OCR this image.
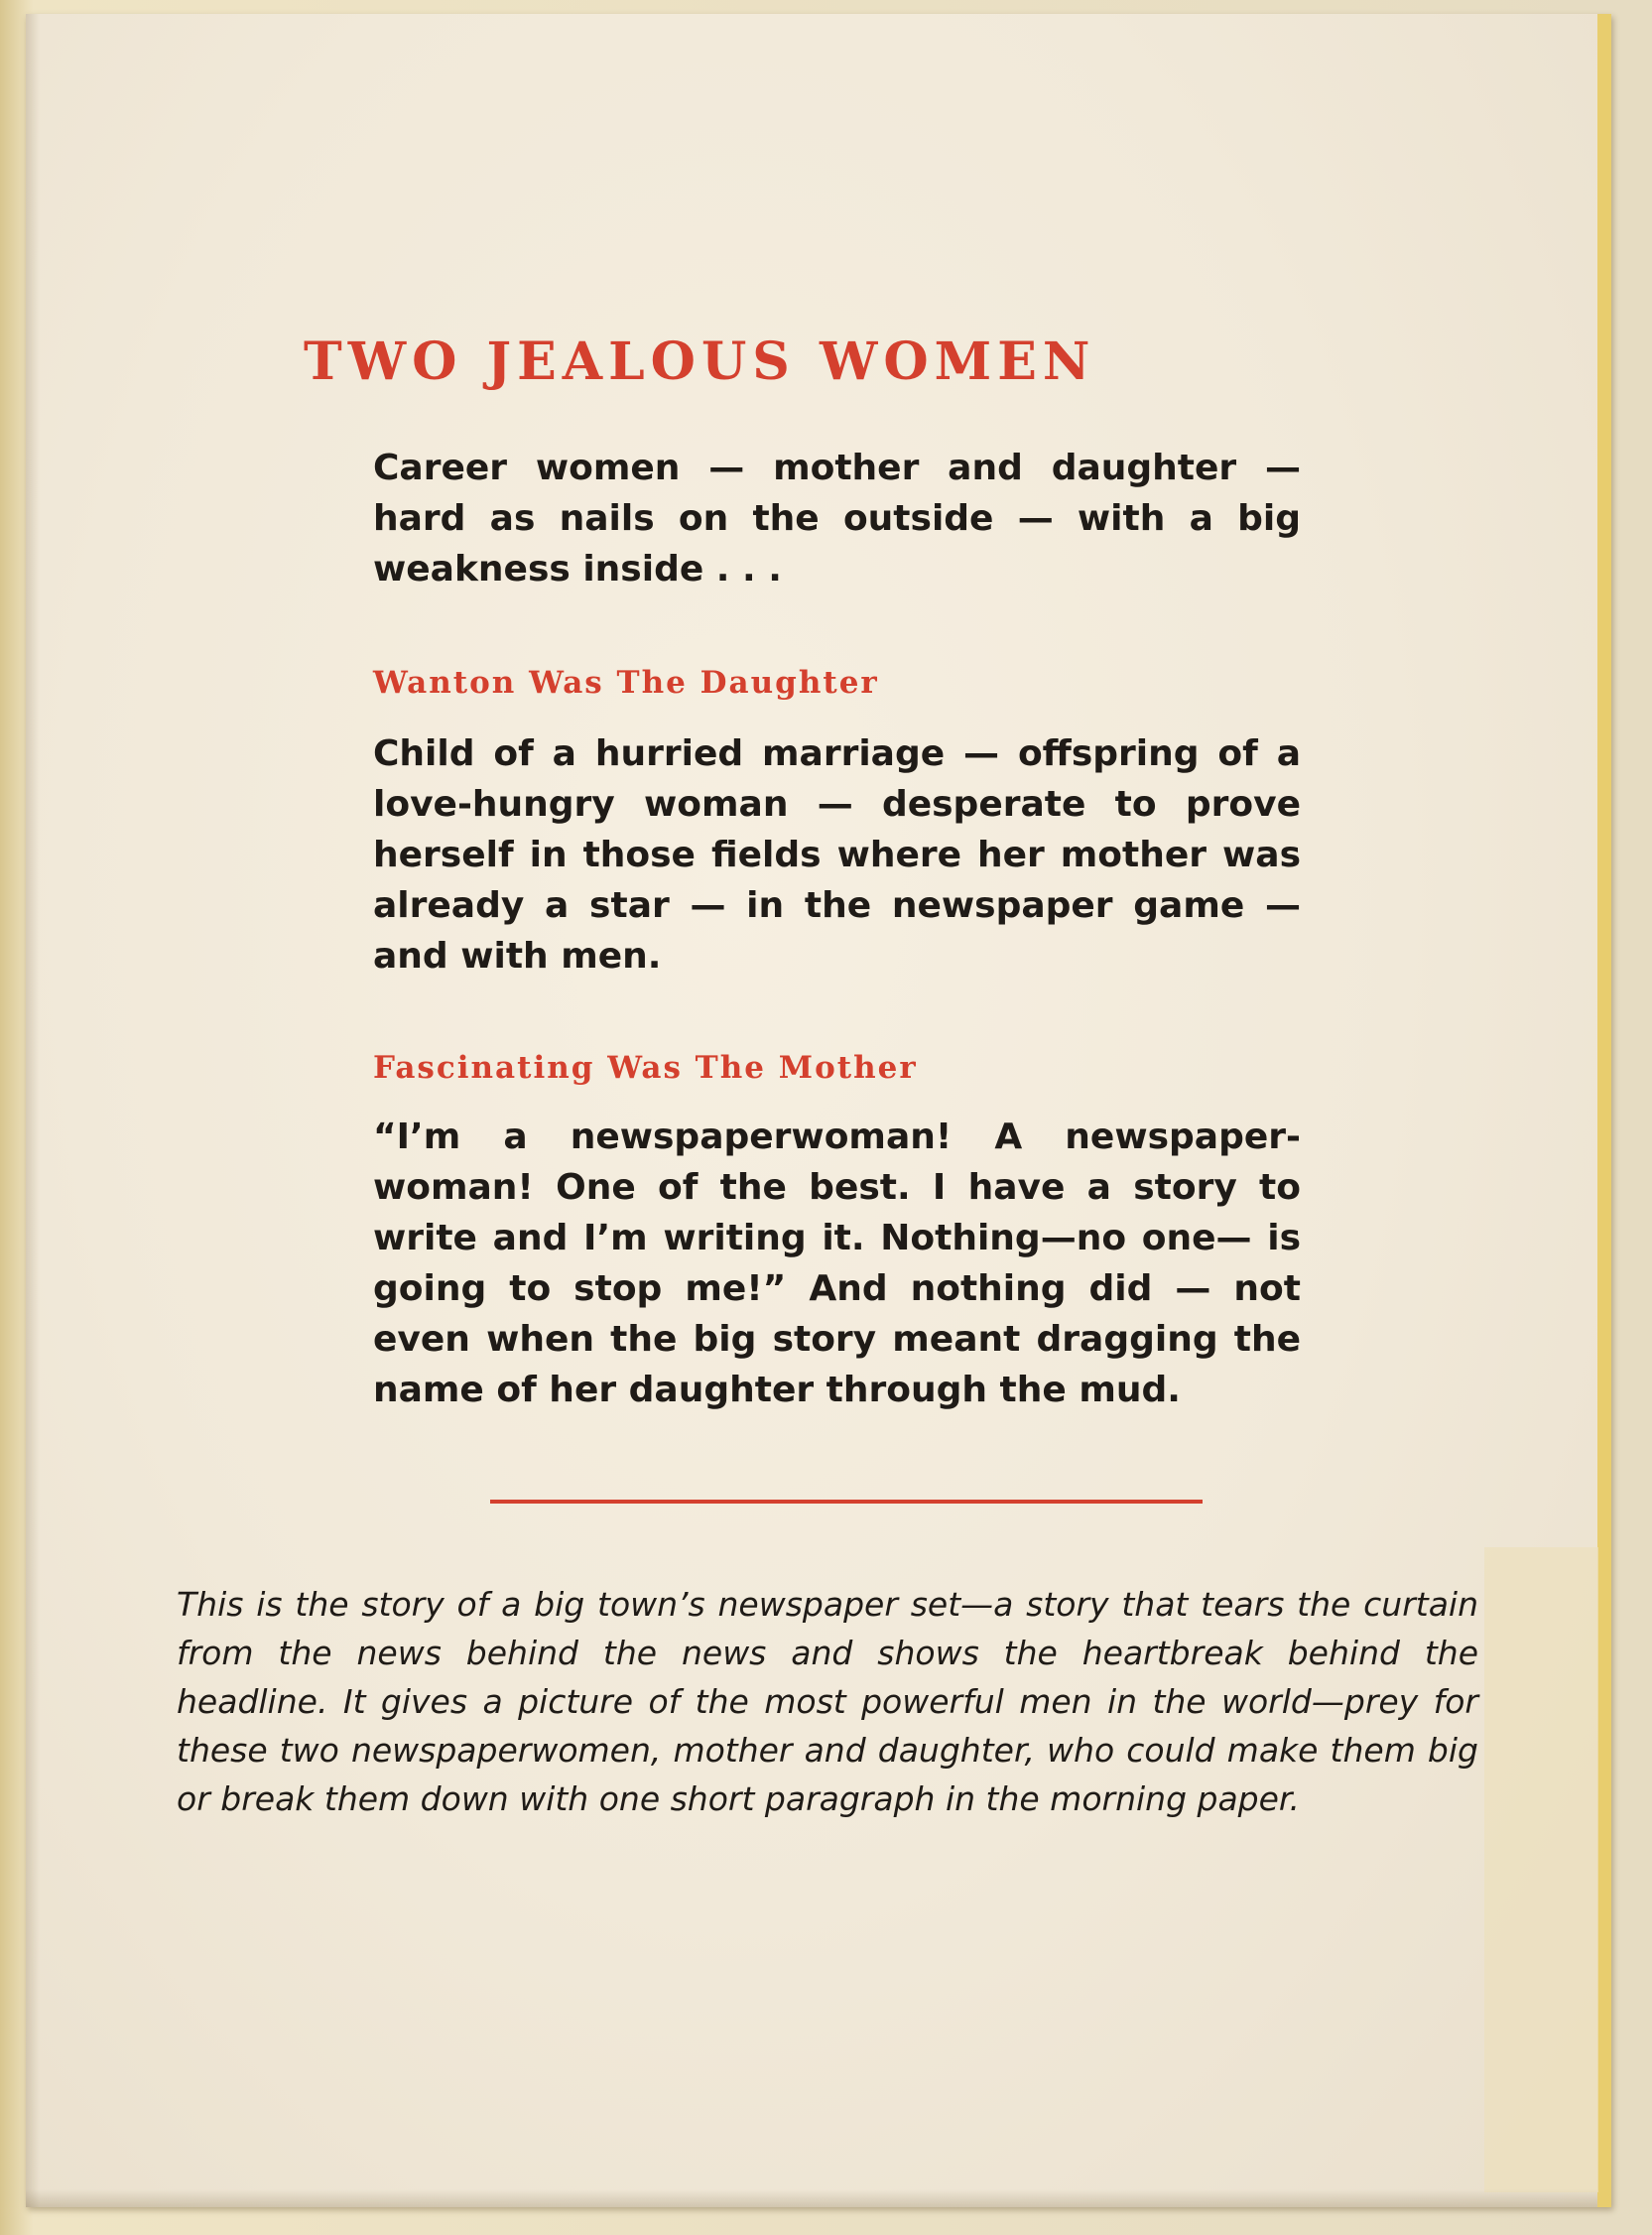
TWO JEALOUS WOMEN

Career women — mother and daughter — hard as nails on the outside — with a big weakness inside . . .

Wanton Was The Daughter

Child of a hurried marriage — offspring of a love-hungry woman — desperate to prove herself in those fields where her mother was already a star — in the newspaper game — and with men.

Fascinating Was The Mother

“I’m a newspaperwoman! A newspaperwoman! One of the best. I have a story to write and I’m writing it. Nothing—no one— is going to stop me!” And nothing did — not even when the big story meant dragging the name of her daughter through the mud.

This is the story of a big town’s newspaper set—a story that tears the curtain from the news behind the news and shows the heartbreak behind the headline. It gives a picture of the most powerful men in the world—prey for these two newspaperwomen, mother and daughter, who could make them big or break them down with one short paragraph in the morning paper.
